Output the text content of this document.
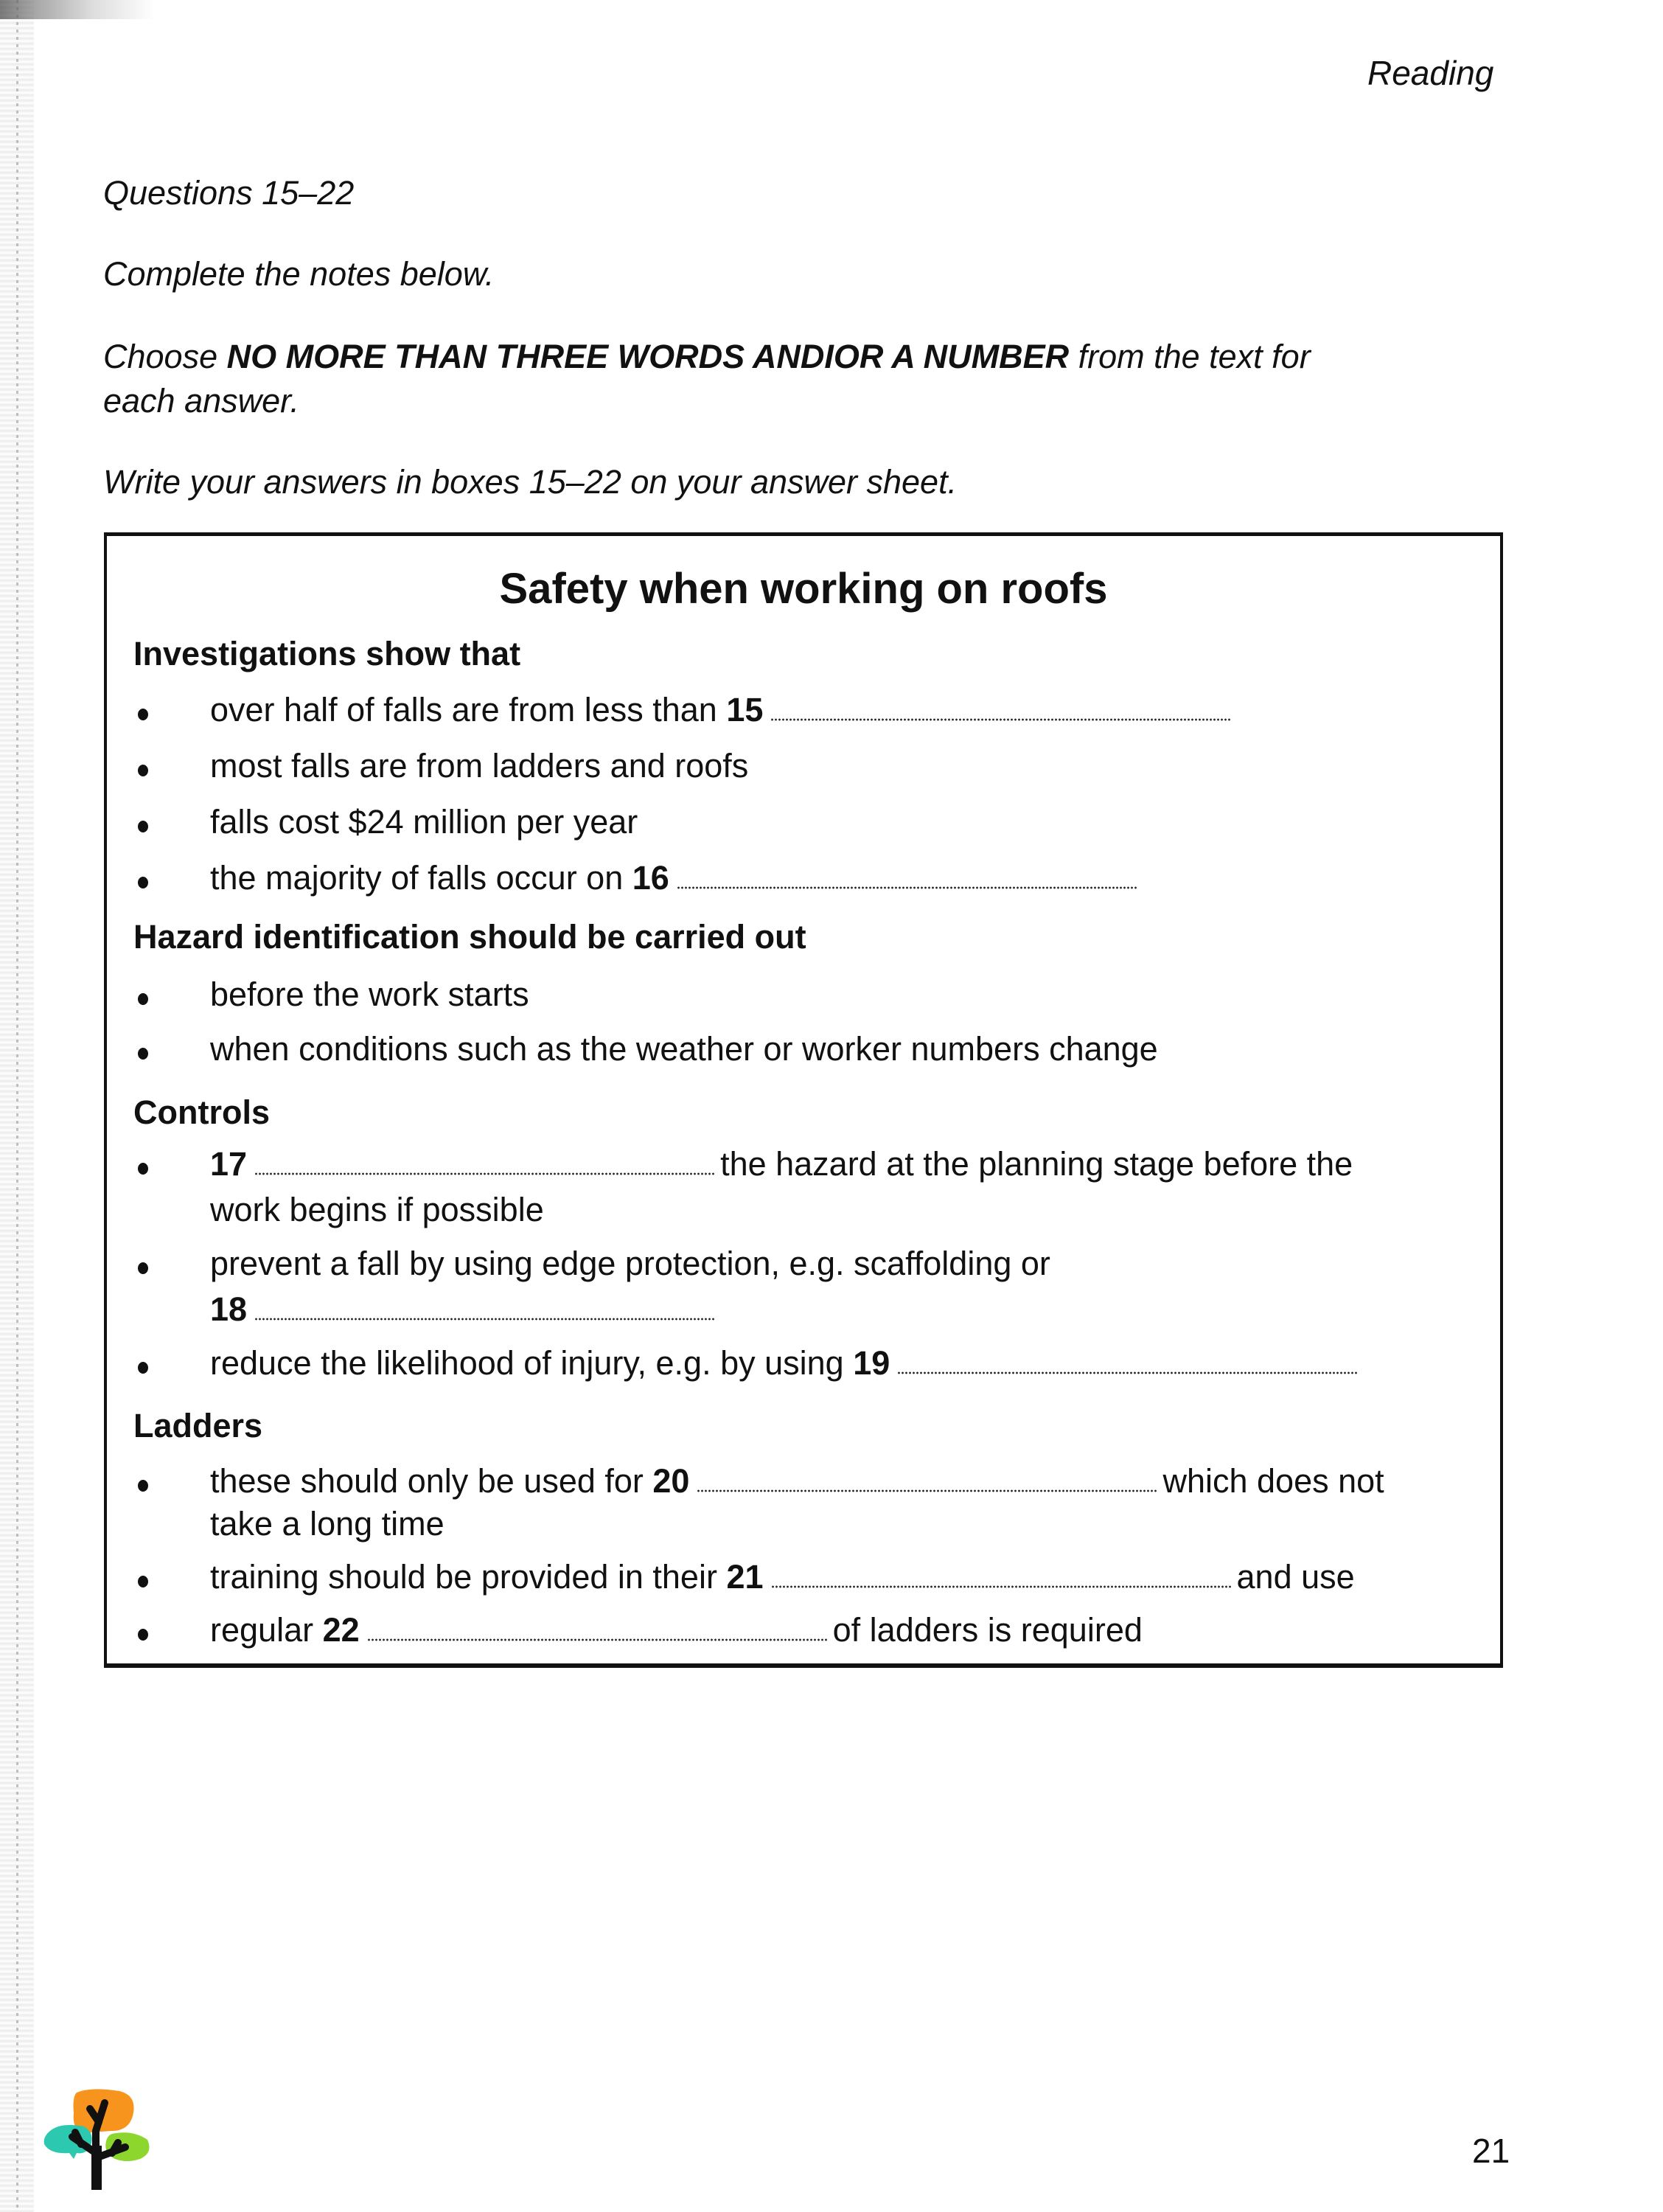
Reading
Questions 15–22
Complete the notes below.
Choose NO MORE THAN THREE WORDS ANDIOR A NUMBER from the text for
each answer.
Write your answers in boxes 15–22 on your answer sheet.
Safety when working on roofs
Investigations show that
over half of falls are from less than 15
most falls are from ladders and roofs
falls cost $24 million per year
the majority of falls occur on 16
Hazard identification should be carried out
before the work starts
when conditions such as the weather or worker numbers change
Controls
17	the hazard at the planning stage before the
work begins if possible
prevent a fall by using edge protection, e.g. scaffolding or
18
reduce the likelihood of injury, e.g. by using 19
Ladders
these should only be used for 20	which does not
take a long time
training should be provided in their 21	and use
regular 22	of ladders is required
21
